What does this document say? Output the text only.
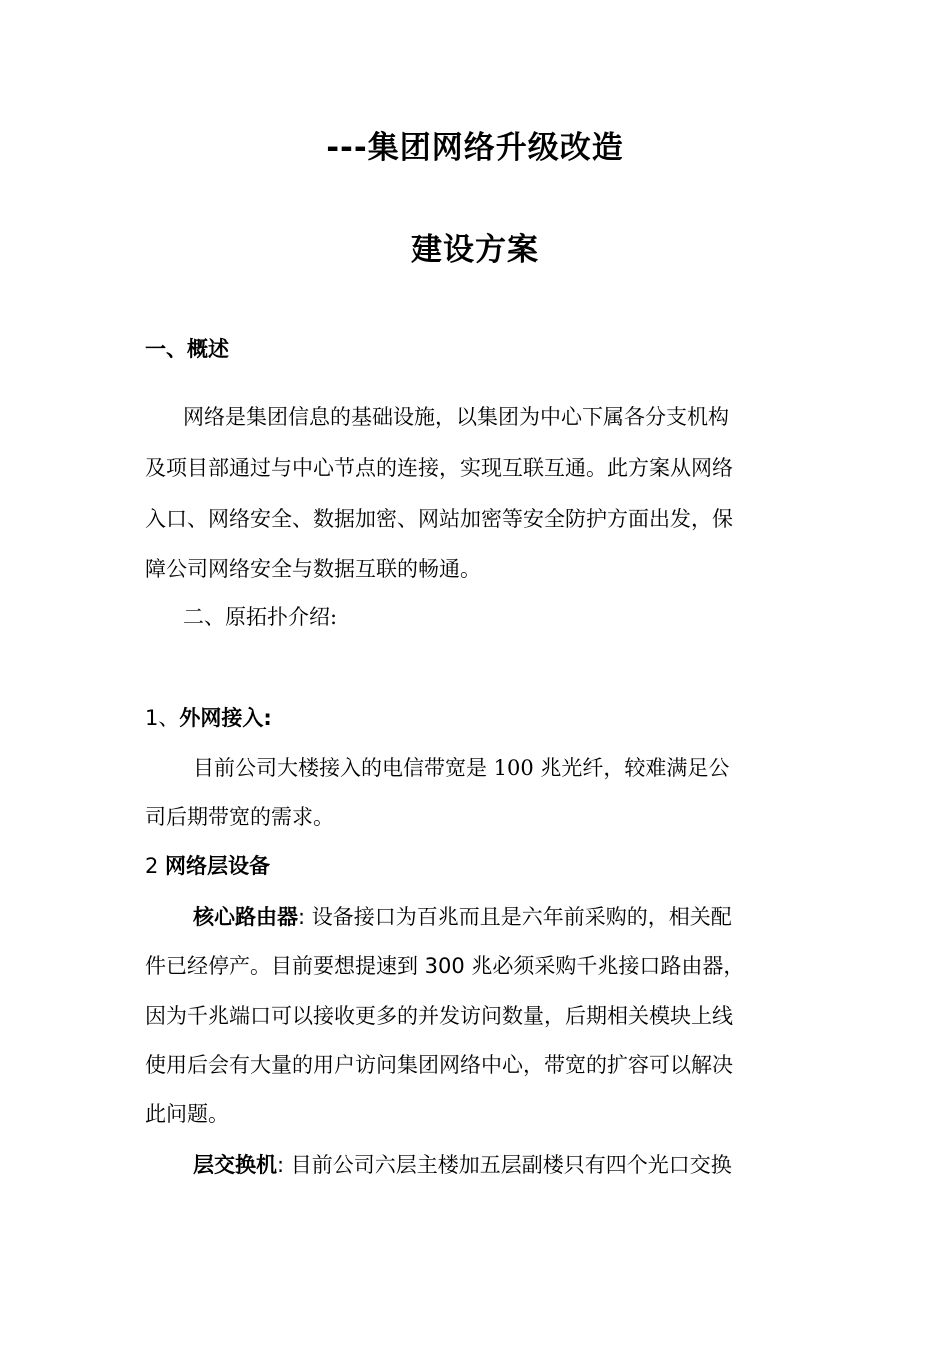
---集团网络升级改造
建设方案
一、概述
网络是集团信息的基础设施，以集团为中心下属各分支机构
及项目部通过与中心节点的连接，实现互联互通。此方案从网络
入口、网络安全、数据加密、网站加密等安全防护方面出发，保
障公司网络安全与数据互联的畅通。
二、原拓扑介绍:
1、外网接入:
目前公司大楼接入的电信带宽是 100 兆光纤，较难满足公
司后期带宽的需求。
2 网络层设备
核心路由器: 设备接口为百兆而且是六年前采购的，相关配
件已经停产。目前要想提速到 300 兆必须采购千兆接口路由器，
因为千兆端口可以接收更多的并发访问数量，后期相关模块上线
使用后会有大量的用户访问集团网络中心，带宽的扩容可以解决
此问题。
层交换机: 目前公司六层主楼加五层副楼只有四个光口交换
